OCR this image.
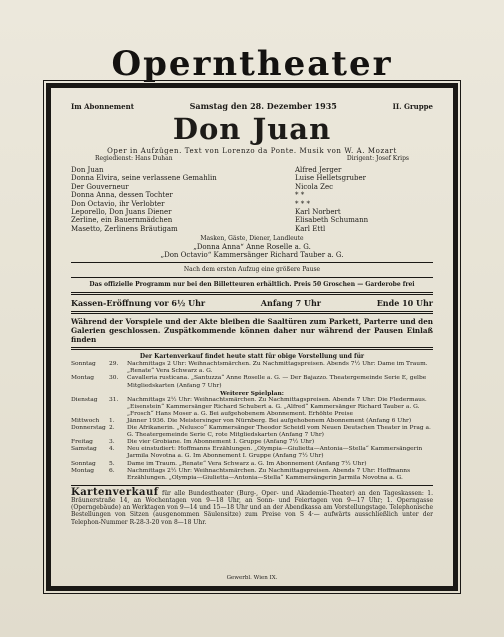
Operntheater
Im Abonnement	Samstag den 28. Dezember 1935	II. Gruppe
Don Juan
Oper in Aufzügen. Text von Lorenzo da Ponte. Musik von W. A. Mozart
Regiedienst: Hans Duhan	Dirigent: Josef Krips
Don Juan	Alfred Jerger
Donna Elvira, seine verlassene Gemahlin	Luise Helletsgruber
Der Gouverneur	Nicola Zec
Donna Anna, dessen Tochter	* *
Don Octavio, ihr Verlobter	* * *
Leporello, Don Juans Diener	Karl Norbert
Zerline, ein Bauernmädchen	Elisabeth Schumann
Masetto, Zerlinens Bräutigam	Karl Ettl
Masken, Gäste, Diener, Landleute
„Donna Anna“ Anne Roselle a. G.
„Don Octavio“ Kammersänger Richard Tauber a. G.
Nach dem ersten Aufzug eine größere Pause
Das offizielle Programm nur bei den Billetteuren erhältlich. Preis 50 Groschen — Garderobe frei
Kassen-Eröffnung vor 6½ Uhr	Anfang 7 Uhr	Ende 10 Uhr
Während der Vorspiele und der Akte bleiben die Saaltüren zum Parkett, Parterre und den Galerien geschlossen. Zuspätkommende können daher nur während der Pausen Einlaß finden
Der Kartenverkauf findet heute statt für obige Vorstellung und für
Sonntag	29.	Nachmittags 2 Uhr: Weihnachtsmärchen. Zu Nachmittagspreisen. Abends 7½ Uhr: Dame im Traum. „Renate“ Vera Schwarz a. G.
Montag	30.	Cavalleria rusticana. „Santuzza“ Anne Roselle a. G. — Der Bajazzo. Theatergemeinde Serie E, gelbe Mitgliedskarten (Anfang 7 Uhr)
Weiterer Spielplan:
Dienstag	31.	Nachmittags 2½ Uhr: Weihnachtsmärchen. Zu Nachmittagspreisen. Abends 7 Uhr: Die Fledermaus. „Eisenstein“ Kammersänger Richard Schubert a. G. „Alfred“ Kammersänger Richard Tauber a. G. „Frosch“ Hans Moser a. G. Bei aufgehobenem Abonnement. Erhöhte Preise
Mittwoch	1.	Jänner 1936. Die Meistersinger von Nürnberg. Bei aufgehobenem Abonnement (Anfang 6 Uhr)
Donnerstag 2.	Die Afrikanerin. „Nelusco“ Kammersänger Theodor Scheidl vom Neuen Deutschen Theater in Prag a. G. Theatergemeinde Serie C, rote Mitgliedskarten (Anfang 7 Uhr)
Freitag	3.	Die vier Grobiane. Im Abonnement I. Gruppe (Anfang 7½ Uhr)
Samstag	4.	Neu einstudiert: Hoffmanns Erzählungen. „Olympia—Giulietta—Antonia—Stella“ Kammersängerin Jarmila Novotna a. G. Im Abonnement I. Gruppe (Anfang 7½ Uhr)
Sonntag	5.	Dame im Traum. „Renate“ Vera Schwarz a. G. Im Abonnement (Anfang 7½ Uhr)
Montag	6.	Nachmittags 2½ Uhr: Weihnachtsmärchen. Zu Nachmittagspreisen. Abends 7 Uhr: Hoffmanns Erzählungen. „Olympia—Giulietta—Antonia—Stella“ Kammersängerin Jarmila Novotna a. G.
Kartenverkauf für alle Bundestheater (Burg-, Oper- und Akademie-Theater) an den Tageskassen: 1. Bräunerstraße 14, an Wochentagen von 9—18 Uhr, an Sonn- und Feiertagen von 9—17 Uhr; 1. Operngasse (Operngebäude) an Werktagen von 9—14 und 15—18 Uhr und an der Abendkassa am Vorstellungstage. Telephonische Bestellungen von Sitzen (ausgenommen Säulensitze) zum Preise von S 4·— aufwärts ausschließlich unter der Telephon-Nummer R-28-3-20 von 8—18 Uhr.
Gewerbl. Wien IX.
